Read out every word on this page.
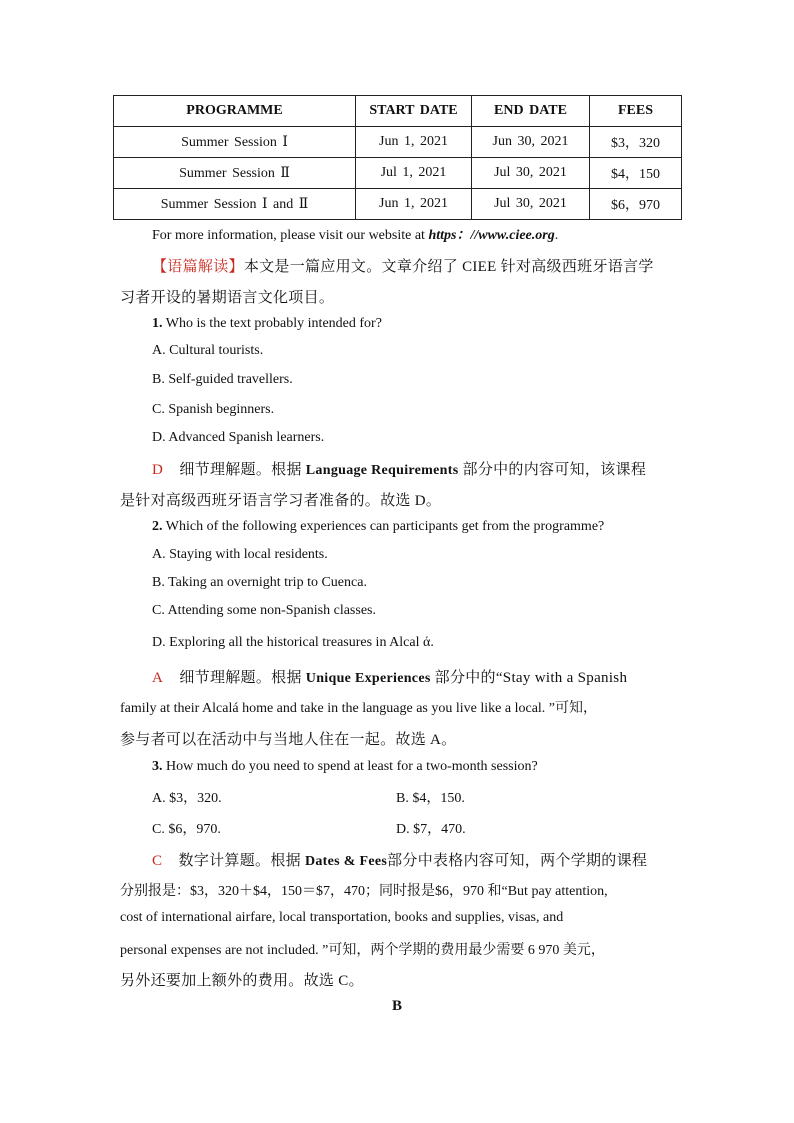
PROGRAMME	START DATE	END DATE	FEES
Summer Session Ⅰ	Jun 1, 2021	Jun 30, 2021	$3，320
Summer Session Ⅱ	Jul 1, 2021	Jul 30, 2021	$4，150
Summer Session Ⅰ and Ⅱ	Jun 1, 2021	Jul 30, 2021	$6，970
For more information, please visit our website at https：//www.ciee.org.
【语篇解读】本文是一篇应用文。文章介绍了 CIEE 针对高级西班牙语言学
习者开设的暑期语言文化项目。
1. Who is the text probably intended for?
A. Cultural tourists.
B. Self-guided travellers.
C. Spanish beginners.
D. Advanced Spanish learners.
D 细节理解题。根据 Language Requirements 部分中的内容可知，该课程
是针对高级西班牙语言学习者准备的。故选 D。
2. Which of the following experiences can participants get from the programme?
A. Staying with local residents.
B. Taking an overnight trip to Cuenca.
C. Attending some non-Spanish classes.
D. Exploring all the historical treasures in Alcal ά.
A 细节理解题。根据 Unique Experiences 部分中的“Stay with a Spanish
family at their Alcalá home and take in the language as you live like a local. ”可知，
参与者可以在活动中与当地人住在一起。故选 A。
3. How much do you need to spend at least for a two-month session?
A. $3，320.	B. $4，150.
C. $6，970.	D. $7，470.
C 数字计算题。根据 Dates & Fees部分中表格内容可知，两个学期的课程
分别报是：$3，320＋$4，150＝$7，470；同时报是$6，970 和“But pay attention,
cost of international airfare, local transportation, books and supplies, visas, and
personal expenses are not included. ”可知，两个学期的费用最少需要 6 970 美元，
另外还要加上额外的费用。故选 C。
B
